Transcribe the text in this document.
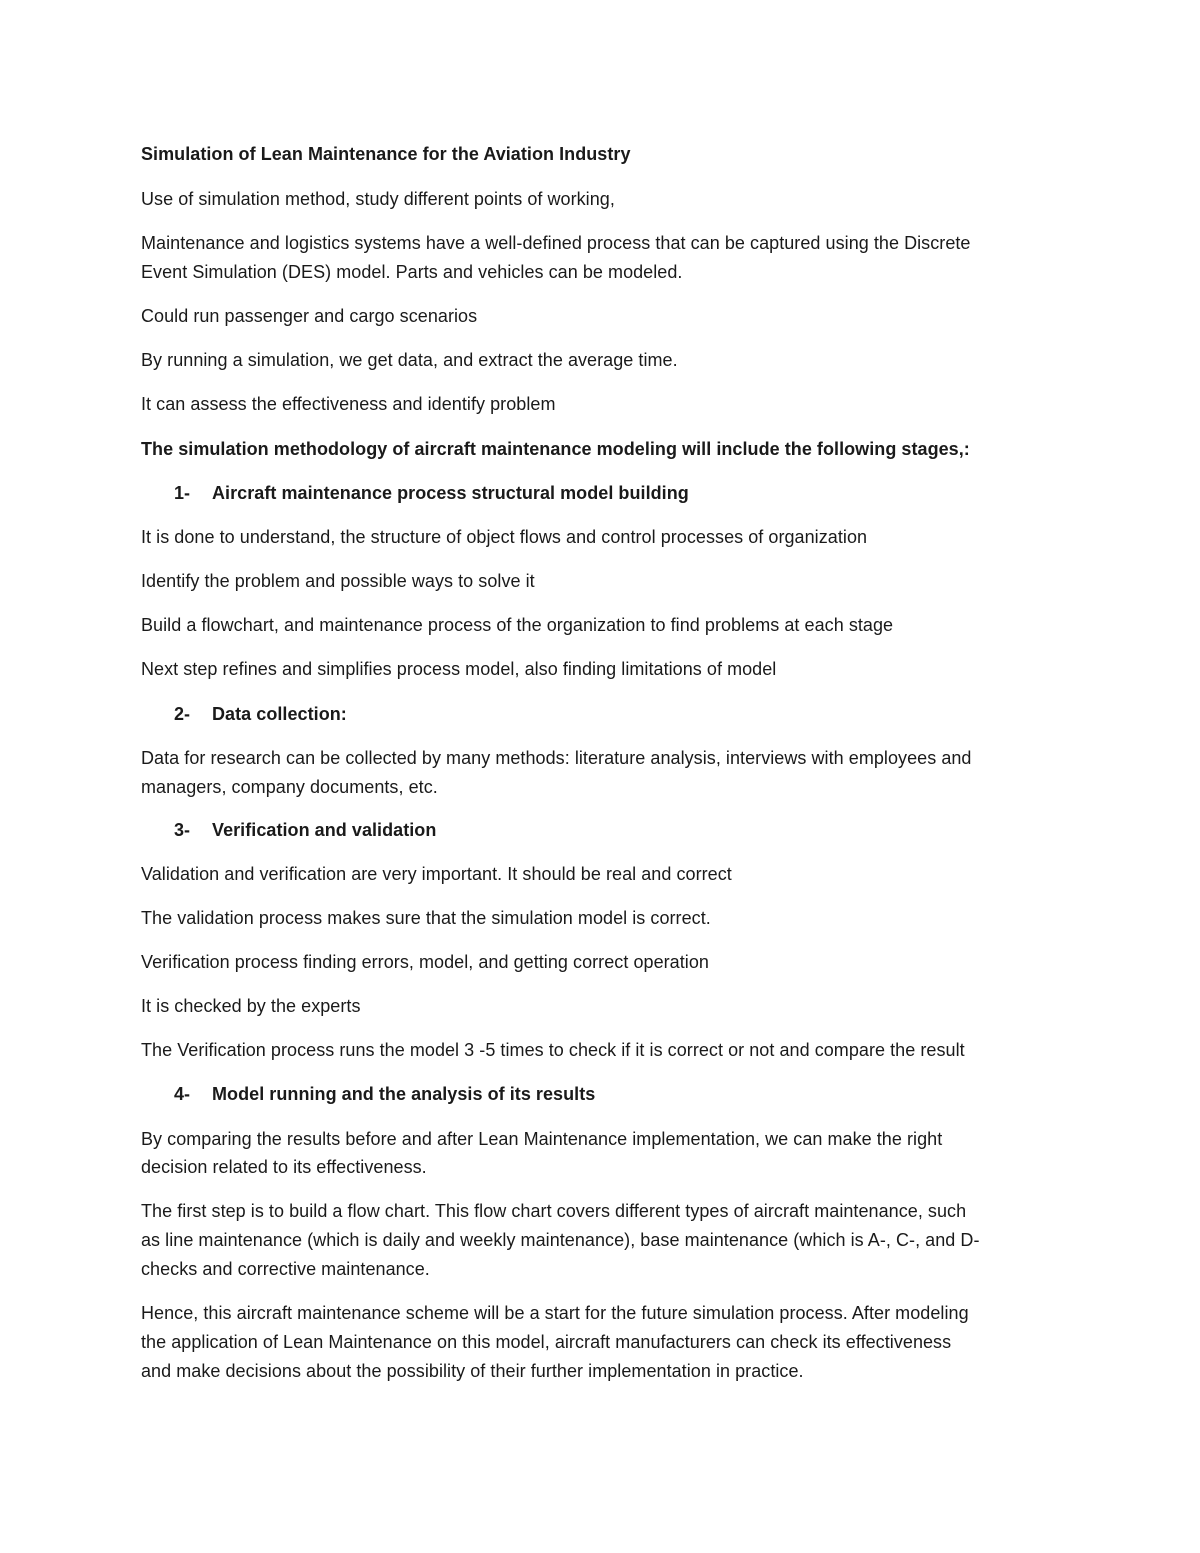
Simulation of Lean Maintenance for the Aviation Industry
Use of simulation method, study different points of working,
Maintenance and logistics systems have a well-defined process that can be captured using the Discrete
Event Simulation (DES) model. Parts and vehicles can be modeled.
Could run passenger and cargo scenarios
By running a simulation, we get data, and extract the average time.
It can assess the effectiveness and identify problem
The simulation methodology of aircraft maintenance modeling will include the following stages,:
1- Aircraft maintenance process structural model building
It is done to understand, the structure of object flows and control processes of organization
Identify the problem and possible ways to solve it
Build a flowchart, and maintenance process of the organization to find problems at each stage
Next step refines and simplifies process model, also finding limitations of model
2- Data collection:
Data for research can be collected by many methods: literature analysis, interviews with employees and
managers, company documents, etc.
3- Verification and validation
Validation and verification are very important. It should be real and correct
The validation process makes sure that the simulation model is correct.
Verification process finding errors, model, and getting correct operation
It is checked by the experts
The Verification process runs the model 3 -5 times to check if it is correct or not and compare the result
4- Model running and the analysis of its results
By comparing the results before and after Lean Maintenance implementation, we can make the right
decision related to its effectiveness.
The first step is to build a flow chart. This flow chart covers different types of aircraft maintenance, such
as line maintenance (which is daily and weekly maintenance), base maintenance (which is A-, C-, and D-
checks and corrective maintenance.
Hence, this aircraft maintenance scheme will be a start for the future simulation process. After modeling
the application of Lean Maintenance on this model, aircraft manufacturers can check its effectiveness
and make decisions about the possibility of their further implementation in practice.
